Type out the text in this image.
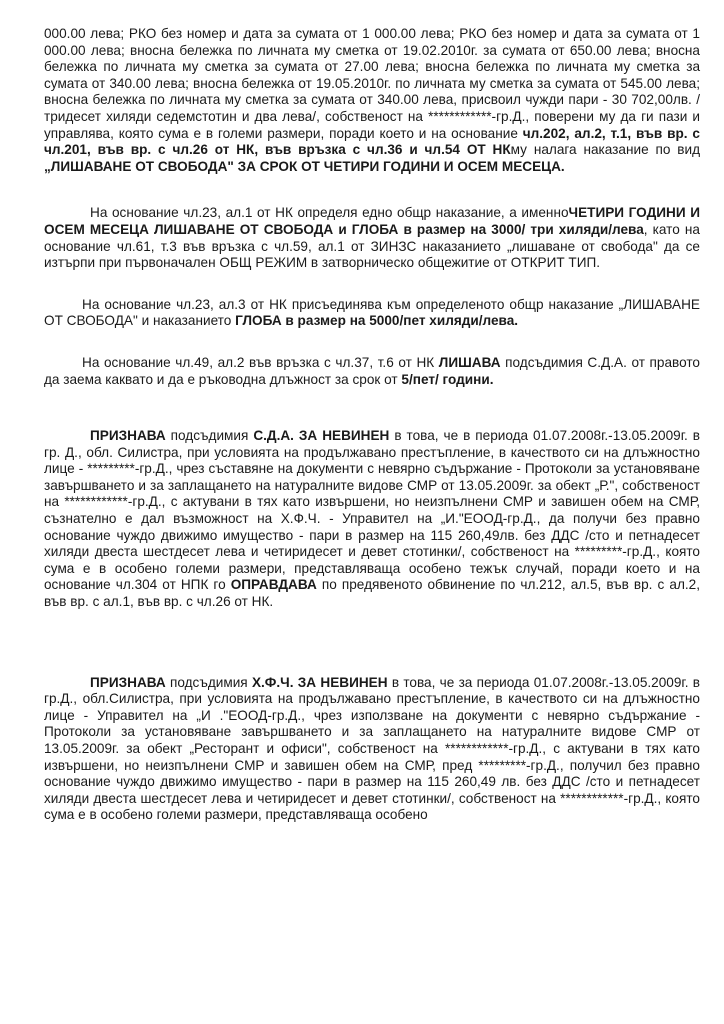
000.00 лева; РКО без номер и дата за сумата от 1 000.00 лева; РКО без номер и дата за сумата от 1 000.00 лева; вносна бележка по личната му сметка от 19.02.2010г. за сумата от 650.00 лева; вносна бележка по личната му сметка за сумата от 27.00 лева; вносна бележка по личната му сметка за сумата от 340.00 лева; вносна бележка от 19.05.2010г. по личната му сметка за сумата от 545.00 лева; вносна бележка по личната му сметка за сумата от 340.00 лева, присвоил чужди пари - 30 702,00лв. /тридесет хиляди седемстотин и два лева/, собственост на ************-гр.Д., поверени му да ги пази и управлява, която сума е в големи размери, поради което и на основание чл.202, ал.2, т.1, във вр. с чл.201, във вр. с чл.26 от НК, във връзка с чл.36 и чл.54 ОТ НКму налага наказание по вид „ЛИШАВАНЕ ОТ СВОБОДА" ЗА СРОК ОТ ЧЕТИРИ ГОДИНИ И ОСЕМ МЕСЕЦА.

На основание чл.23, ал.1 от НК определя едно общр наказание, а именноЧЕТИРИ ГОДИНИ И ОСЕМ МЕСЕЦА ЛИШАВАНЕ ОТ СВОБОДА и ГЛОБА в размер на 3000/ три хиляди/лева, като на основание чл.61, т.3 във връзка с чл.59, ал.1 от ЗИНЗС наказанието „лишаване от свобода" да се изтърпи при първоначален ОБЩ РЕЖИМ в затворническо общежитие от ОТКРИТ ТИП.

На основание чл.23, ал.3 от НК присъединява към определеното общр наказание „ЛИШАВАНЕ ОТ СВОБОДА" и наказанието ГЛОБА в размер на 5000/пет хиляди/лева.

На основание чл.49, ал.2 във връзка с чл.37, т.6 от НК ЛИШАВА подсъдимия С.Д.А. от правото да заема каквато и да е ръководна длъжност за срок от 5/пет/ години.

ПРИЗНАВА подсъдимия С.Д.А. ЗА НЕВИНЕН в това, че в периода 01.07.2008г.-13.05.2009г. в гр. Д., обл. Силистра, при условията на продължавано престъпление, в качеството си на длъжностно лице - *********-гр.Д., чрез съставяне на документи с невярно съдържание - Протоколи за установяване завършването и за заплащането на натуралните видове СМР от 13.05.2009г. за обект „Р.", собственост на ************-гр.Д., с актувани в тях като извършени, но неизпълнени СМР и завишен обем на СМР, съзнателно е дал възможност на Х.Ф.Ч. - Управител на „И."ЕООД-гр.Д., да получи без правно основание чуждо движимо имущество - пари в размер на 115 260,49лв. без ДДС /сто и петнадесет хиляди двеста шестдесет лева и четиридесет и девет стотинки/, собственост на *********-гр.Д., която сума е в особено големи размери, представляваща особено тежък случай, поради което и на основание чл.304 от НПК го ОПРАВДАВА по предявеното обвинение по чл.212, ал.5, във вр. с ал.2, във вр. с ал.1, във вр. с чл.26 от НК.

ПРИЗНАВА подсъдимия Х.Ф.Ч. ЗА НЕВИНЕН в това, че за периода 01.07.2008г.-13.05.2009г. в гр.Д., обл.Силистра, при условията на продължавано престъпление, в качеството си на длъжностно лице - Управител на „И ."ЕООД-гр.Д., чрез използване на документи с невярно съдържание - Протоколи за установяване завършването и за заплащането на натуралните видове СМР от 13.05.2009г. за обект „Ресторант и офиси", собственост на ************-гр.Д., с актувани в тях като извършени, но неизпълнени СМР и завишен обем на СМР, пред *********-гр.Д., получил без правно основание чуждо движимо имущество - пари в размер на 115 260,49 лв. без ДДС /сто и петнадесет хиляди двеста шестдесет лева и четиридесет и девет стотинки/, собственост на ************-гр.Д., която сума е в особено големи размери, представляваща особено
